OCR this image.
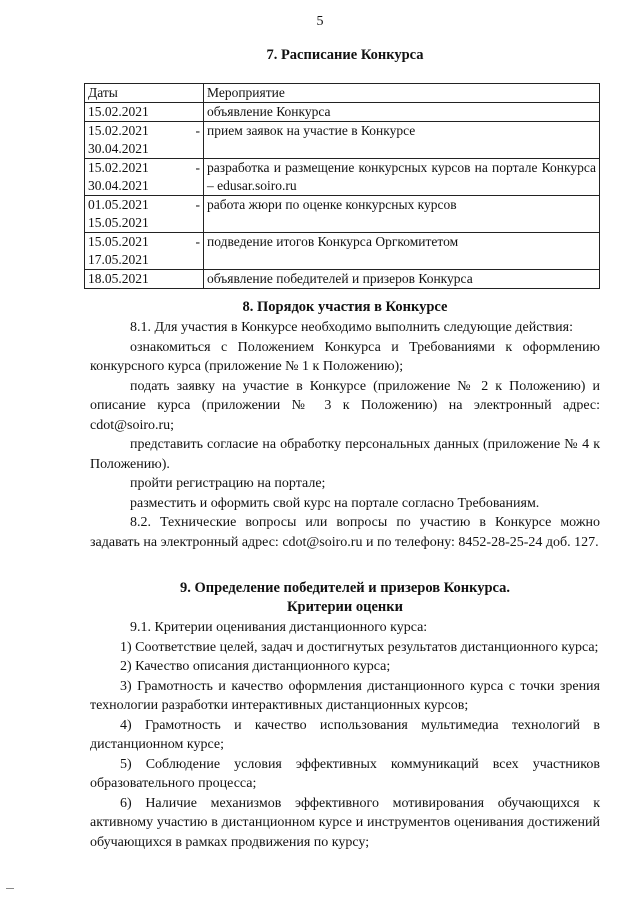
5
7. Расписание Конкурса
Даты	Мероприятие

15.02.2021	объявление Конкурса

15.02.2021 -
30.04.2021	прием заявок на участие в Конкурсе

15.02.2021 -
30.04.2021	разработка и размещение конкурсных курсов на портале Конкурса – edusar.soiro.ru

01.05.2021 -
15.05.2021	работа жюри по оценке конкурсных курсов

15.05.2021 -
17.05.2021	подведение итогов Конкурса Оргкомитетом

18.05.2021	объявление победителей и призеров Конкурса
8. Порядок участия в Конкурсе

8.1. Для участия в Конкурсе необходимо выполнить следующие действия:

ознакомиться с Положением Конкурса и Требованиями к оформлению конкурсного курса (приложение № 1 к Положению);

подать заявку на участие в Конкурсе (приложение № 2 к Положению) и описание курса (приложении № 3 к Положению) на электронный адрес: cdot@soiro.ru;

представить согласие на обработку персональных данных (приложение № 4 к Положению).

пройти регистрацию на портале;

разместить и оформить свой курс на портале согласно Требованиям.

8.2. Технические вопросы или вопросы по участию в Конкурсе можно задавать на электронный адрес: cdot@soiro.ru и по телефону: 8452-28-25-24 доб. 127.

9. Определение победителей и призеров Конкурса.
Критерии оценки

9.1. Критерии оценивания дистанционного курса:

1) Соответствие целей, задач и достигнутых результатов дистанционного курса;

2) Качество описания дистанционного курса;

3) Грамотность и качество оформления дистанционного курса с точки зрения технологии разработки интерактивных дистанционных курсов;

4) Грамотность и качество использования мультимедиа технологий в дистанционном курсе;

5) Соблюдение условия эффективных коммуникаций всех участников образовательного процесса;

6) Наличие механизмов эффективного мотивирования обучающихся к активному участию в дистанционном курсе и инструментов оценивания достижений обучающихся в рамках продвижения по курсу;
